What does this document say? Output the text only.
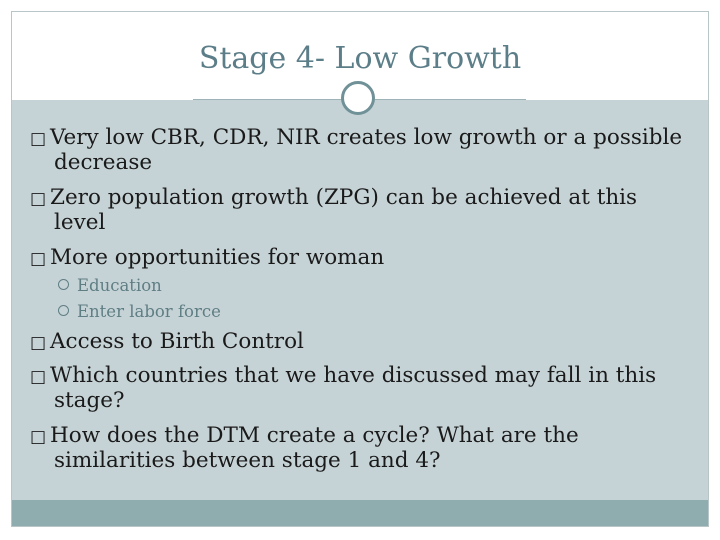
Stage 4- Low Growth
□ Very low CBR, CDR, NIR creates low growth or a possible
decrease
□ Zero population growth (ZPG) can be achieved at this
level
□ More opportunities for woman
Education
Enter labor force
□ Access to Birth Control
□ Which countries that we have discussed may fall in this
stage?
□ How does the DTM create a cycle? What are the
similarities between stage 1 and 4?
